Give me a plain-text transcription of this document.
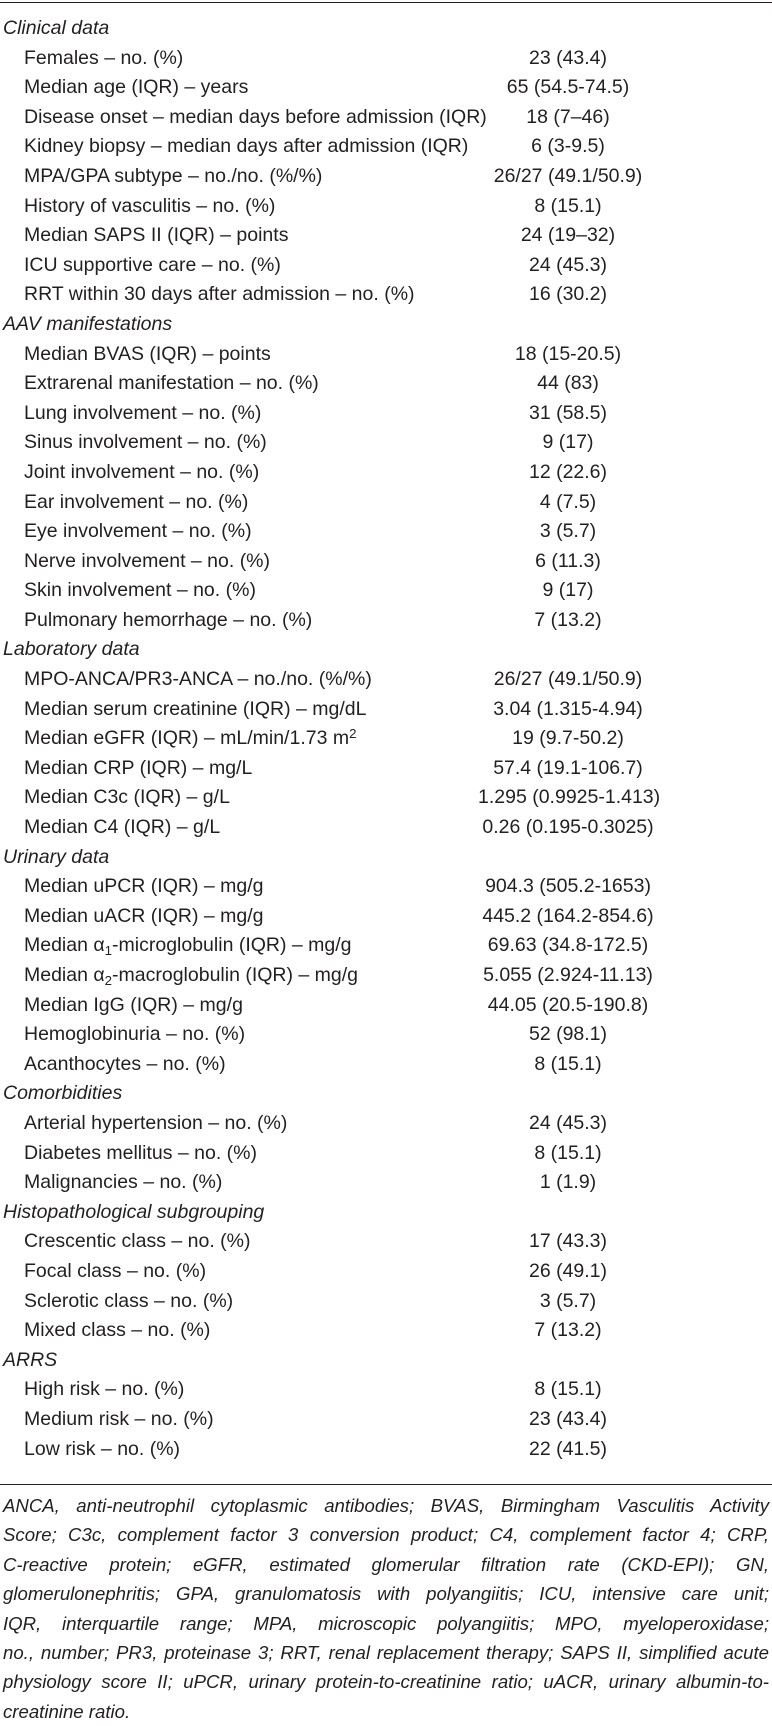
Clinical data
Females – no. (%)	23 (43.4)
Median age (IQR) – years	65 (54.5-74.5)
Disease onset – median days before admission (IQR)	18 (7–46)
Kidney biopsy – median days after admission (IQR)	6 (3-9.5)
MPA/GPA subtype – no./no. (%/%)	26/27 (49.1/50.9)
History of vasculitis – no. (%)	8 (15.1)
Median SAPS II (IQR) – points	24 (19–32)
ICU supportive care – no. (%)	24 (45.3)
RRT within 30 days after admission – no. (%)	16 (30.2)
AAV manifestations
Median BVAS (IQR) – points	18 (15-20.5)
Extrarenal manifestation – no. (%)	44 (83)
Lung involvement – no. (%)	31 (58.5)
Sinus involvement – no. (%)	9 (17)
Joint involvement – no. (%)	12 (22.6)
Ear involvement – no. (%)	4 (7.5)
Eye involvement – no. (%)	3 (5.7)
Nerve involvement – no. (%)	6 (11.3)
Skin involvement – no. (%)	9 (17)
Pulmonary hemorrhage – no. (%)	7 (13.2)
Laboratory data
MPO-ANCA/PR3-ANCA – no./no. (%/%)	26/27 (49.1/50.9)
Median serum creatinine (IQR) – mg/dL	3.04 (1.315-4.94)
Median eGFR (IQR) – mL/min/1.73 $m^2$	19 (9.7-50.2)
Median CRP (IQR) – mg/L	57.4 (19.1-106.7)
Median C3c (IQR) – g/L	1.295 (0.9925-1.413)
Median C4 (IQR) – g/L	0.26 (0.195-0.3025)
Urinary data
Median uPCR (IQR) – mg/g	904.3 (505.2-1653)
Median uACR (IQR) – mg/g	445.2 (164.2-854.6)
Median $\alpha_1$-microglobulin (IQR) – mg/g	69.63 (34.8-172.5)
Median $\alpha_2$-macroglobulin (IQR) – mg/g	5.055 (2.924-11.13)
Median IgG (IQR) – mg/g	44.05 (20.5-190.8)
Hemoglobinuria – no. (%)	52 (98.1)
Acanthocytes – no. (%)	8 (15.1)
Comorbidities
Arterial hypertension – no. (%)	24 (45.3)
Diabetes mellitus – no. (%)	8 (15.1)
Malignancies – no. (%)	1 (1.9)
Histopathological subgrouping
Crescentic class – no. (%)	17 (43.3)
Focal class – no. (%)	26 (49.1)
Sclerotic class – no. (%)	3 (5.7)
Mixed class – no. (%)	7 (13.2)
ARRS
High risk – no. (%)	8 (15.1)
Medium risk – no. (%)	23 (43.4)
Low risk – no. (%)	22 (41.5)
ANCA, anti-neutrophil cytoplasmic antibodies; BVAS, Birmingham Vasculitis Activity
Score; C3c, complement factor 3 conversion product; C4, complement factor 4; CRP,
C-reactive protein; eGFR, estimated glomerular filtration rate (CKD-EPI); GN,
glomerulonephritis; GPA, granulomatosis with polyangiitis; ICU, intensive care unit;
IQR, interquartile range; MPA, microscopic polyangiitis; MPO, myeloperoxidase;
no., number; PR3, proteinase 3; RRT, renal replacement therapy; SAPS II, simplified acute
physiology score II; uPCR, urinary protein-to-creatinine ratio; uACR, urinary albumin-to-
creatinine ratio.
